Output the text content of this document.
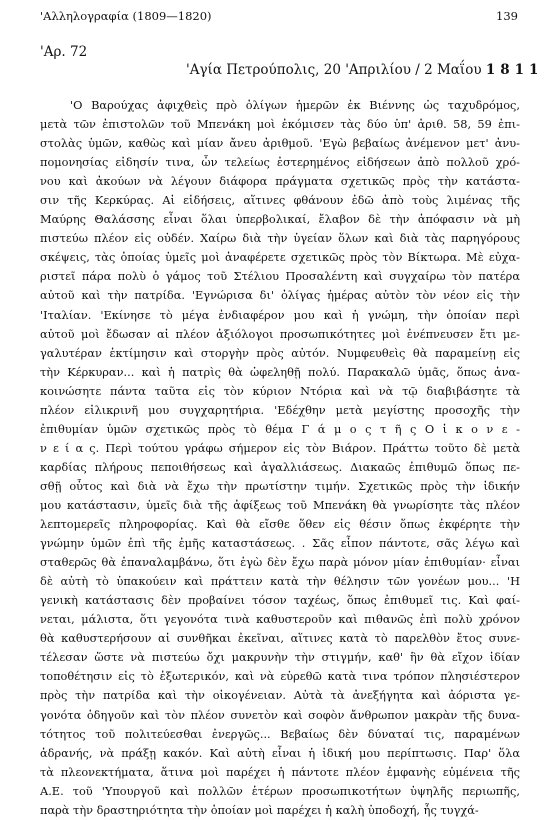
'Αλληλογραφία (1809—1820)	139
'Αρ. 72
'Αγία Πετρούπολις, 20 'Απριλίου / 2 Μαΐου 1811
'Ο Βαρούχας ἀφιχθεὶς πρὸ ὀλίγων ἡμερῶν ἐκ Βιέννης ὡς ταχυδρόμος,
μετὰ τῶν ἐπιστολῶν τοῦ Μπενάκη μοὶ ἐκόμισεν τὰς δύο ὑπ' ἀριθ. 58, 59 ἐπι-
στολὰς ὑμῶν, καθὼς καὶ μίαν ἄνευ ἀριθμοῦ. 'Εγὼ βεβαίως ἀνέμενον μετ' ἀνυ-
πομονησίας εἰδησίν τινα, ὧν τελείως ἐστερημένος εἰδήσεων ἀπὸ πολλοῦ χρό-
νου καὶ ἀκούων νὰ λέγουν διάφορα πράγματα σχετικῶς πρὸς τὴν κατάστα-
σιν τῆς Κερκύρας. Αἱ εἰδήσεις, αἵτινες φθάνουν ἐδῶ ἀπὸ τοὺς λιμένας τῆς
Μαύρης Θαλάσσης εἶναι ὅλαι ὑπερβολικαί, ἔλαβον δὲ τὴν ἀπόφασιν νὰ μὴ
πιστεύω πλέον εἰς οὐδέν. Χαίρω διὰ τὴν ὑγείαν ὅλων καὶ διὰ τὰς παρηγόρους
σκέψεις, τὰς ὁποίας ὑμεῖς μοὶ ἀναφέρετε σχετικῶς πρὸς τὸν Βίκτωρα. Μὲ εὐχα-
ριστεῖ πάρα πολὺ ὁ γάμος τοῦ Στέλιου Προσαλέντη καὶ συγχαίρω τὸν πατέρα
αὐτοῦ καὶ τὴν πατρίδα. 'Εγνώρισα δι' ὀλίγας ἡμέρας αὐτὸν τὸν νέον εἰς τὴν
'Ιταλίαν. 'Εκίνησε τὸ μέγα ἐνδιαφέρον μου καὶ ἡ γνώμη, τὴν ὁποίαν περὶ
αὐτοῦ μοὶ ἔδωσαν αἱ πλέον ἀξιόλογοι προσωπικότητες μοὶ ἐνέπνευσεν ἔτι με-
γαλυτέραν ἐκτίμησιν καὶ στοργὴν πρὸς αὐτόν. Νυμφευθεὶς θὰ παραμείνῃ εἰς
τὴν Κέρκυραν... καὶ ἡ πατρὶς θὰ ὠφεληθῇ πολύ. Παρακαλῶ ὑμᾶς, ὅπως ἀνα-
κοινώσητε πάντα ταῦτα εἰς τὸν κύριον Ντόρια καὶ νὰ τῷ διαβιβάσητε τὰ
πλέον εἰλικρινῆ μου συγχαρητήρια. 'Εδέχθην μετὰ μεγίστης προσοχῆς τὴν
ἐπιθυμίαν ὑμῶν σχετικῶς πρὸς τὸ θέμα Γ ά μ ο ς τ ῆ ς Ο ἰ κ ο ν ε -
ν ε ί α ς. Περὶ τούτου γράφω σήμερον εἰς τὸν Βιάρον. Πράττω τοῦτο δὲ μετὰ
καρδίας πλήρους πεποιθήσεως καὶ ἀγαλλιάσεως. Διακαῶς ἐπιθυμῶ ὅπως πε-
σθῇ οὗτος καὶ διὰ νὰ ἔχω τὴν πρωτίστην τιμήν. Σχετικῶς πρὸς τὴν ἰδικήν
μου κατάστασιν, ὑμεῖς διὰ τῆς ἀφίξεως τοῦ Μπενάκη θὰ γνωρίσητε τὰς πλέον
λεπτομερεῖς πληροφορίας. Καὶ θὰ εἴσθε ὅθεν εἰς θέσιν ὅπως ἐκφέρητε τὴν
γνώμην ὑμῶν ἐπὶ τῆς ἐμῆς καταστάσεως. . Σᾶς εἶπον πάντοτε, σᾶς λέγω καὶ
σταθερῶς θὰ ἐπαναλαμβάνω, ὅτι ἐγὼ δὲν ἔχω παρὰ μόνον μίαν ἐπιθυμίαν· εἶναι
δὲ αὐτὴ τὸ ὑπακούειν καὶ πράττειν κατὰ τὴν θέλησιν τῶν γονέων μου... 'Η
γενικὴ κατάστασις δὲν προβαίνει τόσον ταχέως, ὅπως ἐπιθυμεῖ τις. Καὶ φαί-
νεται, μάλιστα, ὅτι γεγονότα τινὰ καθυστεροῦν καὶ πιθανῶς ἐπὶ πολὺ χρόνον
θὰ καθυστερήσουν αἱ συνθῆκαι ἐκεῖναι, αἵτινες κατὰ τὸ παρελθὸν ἔτος συνε-
τέλεσαν ὥστε νὰ πιστεύω ὄχι μακρυνὴν τὴν στιγμήν, καθ' ἣν θὰ εἴχον ἰδίαν
τοποθέτησιν εἰς τὸ ἐξωτερικόν, καὶ νὰ εὑρεθῶ κατὰ τινα τρόπον πλησιέστερον
πρὸς τὴν πατρίδα καὶ τὴν οἰκογένειαν. Αὐτὰ τὰ ἀνεξήγητα καὶ ἀόριστα γε-
γονότα ὁδηγοῦν καὶ τὸν πλέον συνετὸν καὶ σοφὸν ἄνθρωπον μακρὰν τῆς δυνα-
τότητος τοῦ πολιτεύεσθαι ἐνεργῶς... Βεβαίως δὲν δύναταί τις, παραμένων
ἀδρανής, νὰ πράξῃ κακόν. Καὶ αὐτὴ εἶναι ἡ ἰδική μου περίπτωσις. Παρ' ὅλα
τὰ πλεονεκτήματα, ἅτινα μοὶ παρέχει ἡ πάντοτε πλέον ἐμφανὴς εὐμένεια τῆς
Α.Ε. τοῦ 'Υπουργοῦ καὶ πολλῶν ἑτέρων προσωπικοτήτων ὑψηλῆς περιωπῆς,
παρὰ τὴν δραστηριότητα τὴν ὁποίαν μοὶ παρέχει ἡ καλὴ ὑποδοχή, ἧς τυγχά-
